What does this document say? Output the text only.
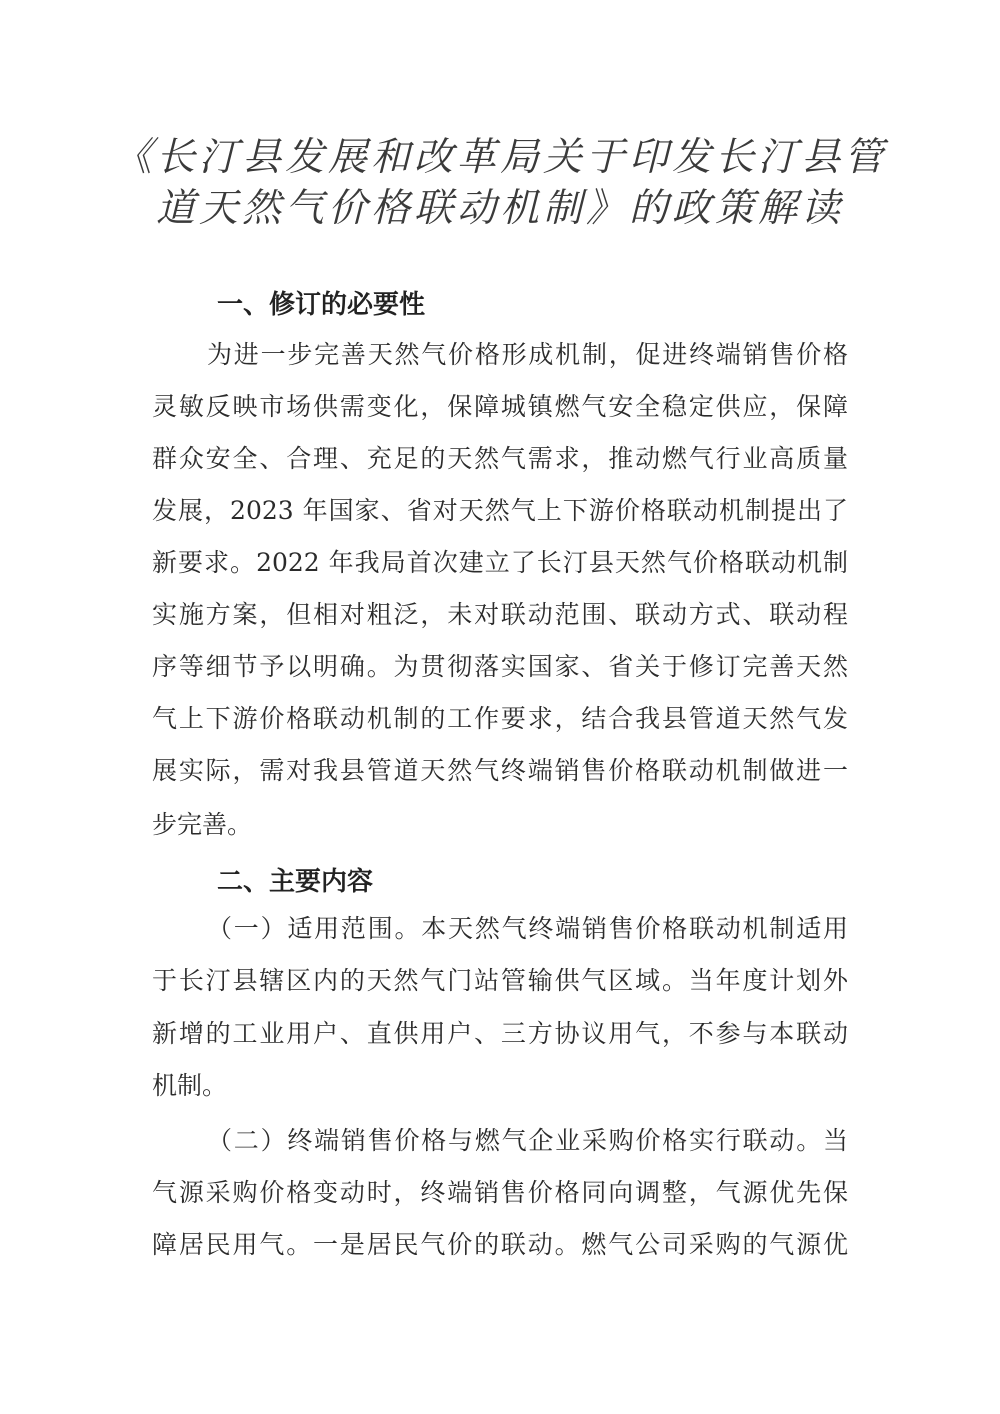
《长汀县发展和改革局关于印发长汀县管
道天然气价格联动机制》的政策解读
一、修订的必要性
为进一步完善天然气价格形成机制，促进终端销售价格
灵敏反映市场供需变化，保障城镇燃气安全稳定供应，保障
群众安全、合理、充足的天然气需求，推动燃气行业高质量
发展，2023 年国家、省对天然气上下游价格联动机制提出了
新要求。2022 年我局首次建立了长汀县天然气价格联动机制
实施方案，但相对粗泛，未对联动范围、联动方式、联动程
序等细节予以明确。为贯彻落实国家、省关于修订完善天然
气上下游价格联动机制的工作要求，结合我县管道天然气发
展实际，需对我县管道天然气终端销售价格联动机制做进一
步完善。
二、主要内容
（一）适用范围。本天然气终端销售价格联动机制适用
于长汀县辖区内的天然气门站管输供气区域。当年度计划外
新增的工业用户、直供用户、三方协议用气，不参与本联动
机制。
（二）终端销售价格与燃气企业采购价格实行联动。当
气源采购价格变动时，终端销售价格同向调整，气源优先保
障居民用气。一是居民气价的联动。燃气公司采购的气源优
